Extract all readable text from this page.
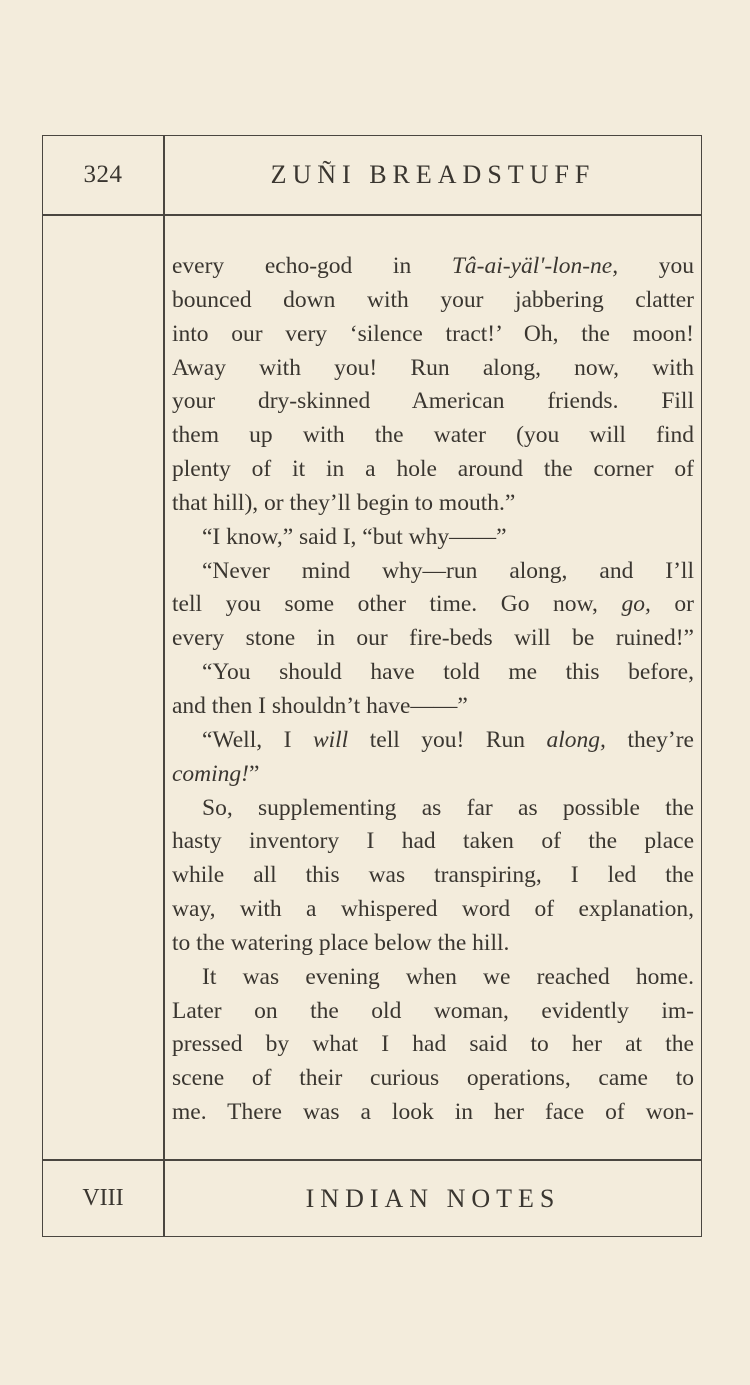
324	ZUÑI BREADSTUFF
VIII	INDIAN NOTES
every echo-god in Tâ-ai-yäl'-lon-ne, you
bounced down with your jabbering clatter
into our very ‘silence tract!’ Oh, the moon!
Away with you! Run along, now, with
your dry-skinned American friends. Fill
them up with the water (you will find
plenty of it in a hole around the corner of
that hill), or they’ll begin to mouth.”
“I know,” said I, “but why——”
“Never mind why—run along, and I’ll
tell you some other time. Go now, go, or
every stone in our fire-beds will be ruined!”
“You should have told me this before,
and then I shouldn’t have——”
“Well, I will tell you! Run along, they’re
coming!”
So, supplementing as far as possible the
hasty inventory I had taken of the place
while all this was transpiring, I led the
way, with a whispered word of explanation,
to the watering place below the hill.
It was evening when we reached home.
Later on the old woman, evidently im-
pressed by what I had said to her at the
scene of their curious operations, came to
me. There was a look in her face of won-
